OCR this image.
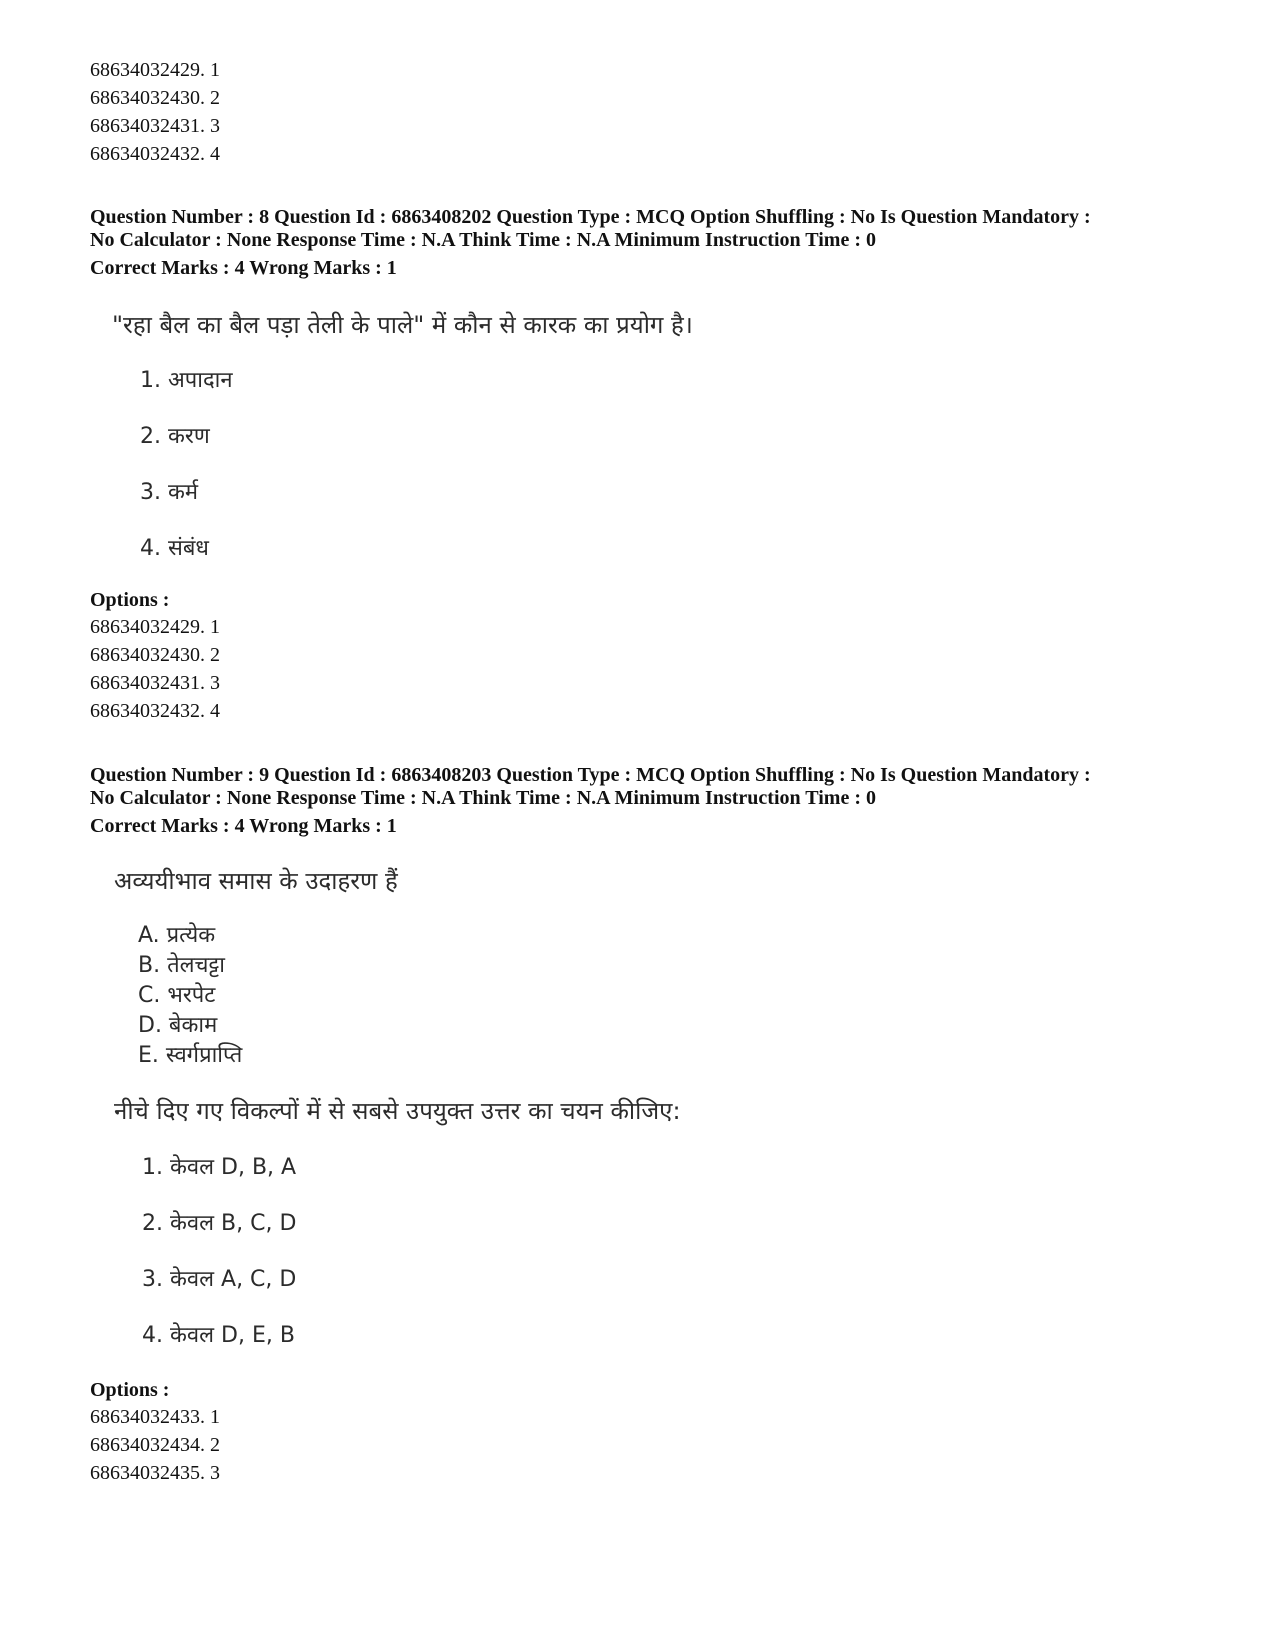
68634032429. 1
68634032430. 2
68634032431. 3
68634032432. 4
Question Number : 8 Question Id : 6863408202 Question Type : MCQ Option Shuffling : No Is Question Mandatory :
No Calculator : None Response Time : N.A Think Time : N.A Minimum Instruction Time : 0
Correct Marks : 4 Wrong Marks : 1
"रहा बैल का बैल पड़ा तेली के पाले" में कौन से कारक का प्रयोग है।
1. अपादान
2. करण
3. कर्म
4. संबंध
Options :
68634032429. 1
68634032430. 2
68634032431. 3
68634032432. 4
Question Number : 9 Question Id : 6863408203 Question Type : MCQ Option Shuffling : No Is Question Mandatory :
No Calculator : None Response Time : N.A Think Time : N.A Minimum Instruction Time : 0
Correct Marks : 4 Wrong Marks : 1
अव्ययीभाव समास के उदाहरण हैं
A. प्रत्येक
B. तेलचट्टा
C. भरपेट
D. बेकाम
E. स्वर्गप्राप्ति
नीचे दिए गए विकल्पों में से सबसे उपयुक्त उत्तर का चयन कीजिए:
1. केवल D, B, A
2. केवल B, C, D
3. केवल A, C, D
4. केवल D, E, B
Options :
68634032433. 1
68634032434. 2
68634032435. 3
